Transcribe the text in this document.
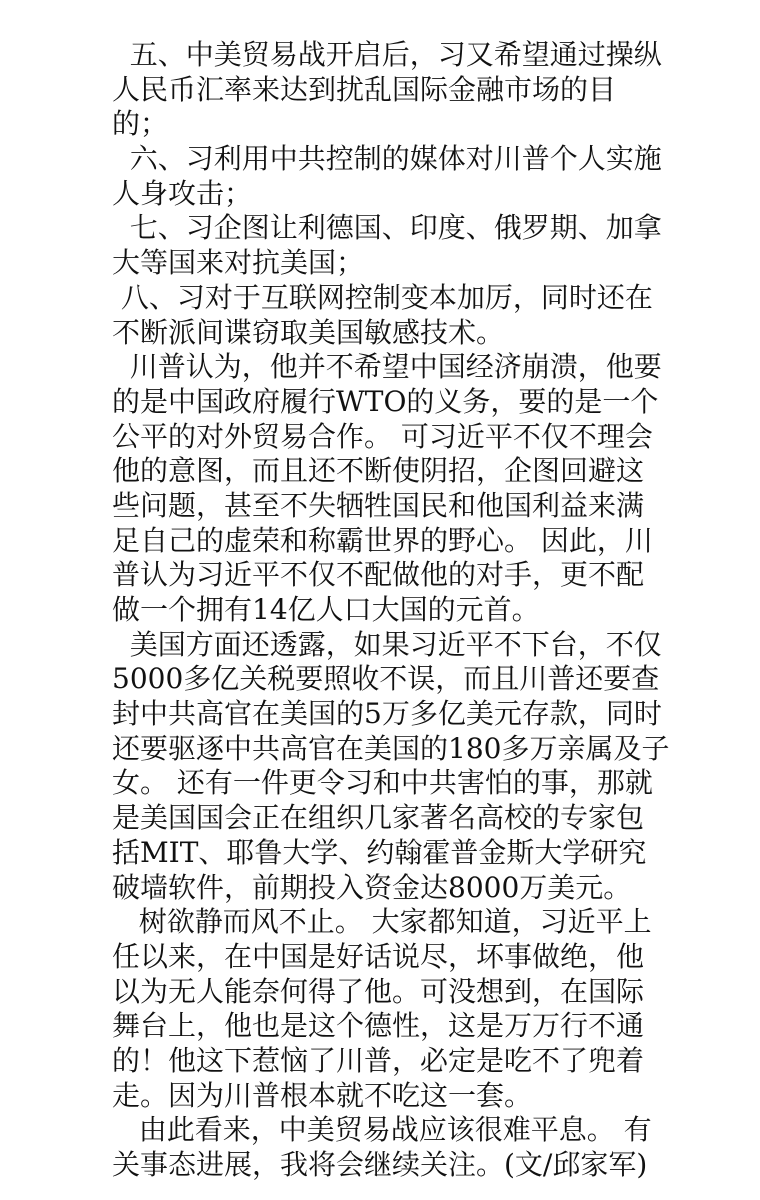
五、中美贸易战开启后，习又希望通过操纵
人民币汇率来达到扰乱国际金融市场的目
的；
六、习利用中共控制的媒体对川普个人实施
人身攻击；
七、习企图让利德国、印度、俄罗期、加拿
大等国来对抗美国；
八、习对于互联网控制变本加厉，同时还在
不断派间谍窃取美国敏感技术。
川普认为，他并不希望中国经济崩溃，他要
的是中国政府履行WTO的义务，要的是一个
公平的对外贸易合作。 可习近平不仅不理会
他的意图，而且还不断使阴招，企图回避这
些问题，甚至不失牺牲国民和他国利益来满
足自己的虚荣和称霸世界的野心。 因此，川
普认为习近平不仅不配做他的对手，更不配
做一个拥有14亿人口大国的元首。
美国方面还透露，如果习近平不下台，不仅
5000多亿关税要照收不误，而且川普还要查
封中共高官在美国的5万多亿美元存款，同时
还要驱逐中共高官在美国的180多万亲属及子
女。 还有一件更令习和中共害怕的事，那就
是美国国会正在组织几家著名高校的专家包
括MIT、耶鲁大学、约翰霍普金斯大学研究
破墙软件，前期投入资金达8000万美元。
树欲静而风不止。 大家都知道，习近平上
任以来，在中国是好话说尽，坏事做绝，他
以为无人能奈何得了他。可没想到，在国际
舞台上，他也是这个德性，这是万万行不通
的！他这下惹恼了川普，必定是吃不了兜着
走。因为川普根本就不吃这一套。
由此看来，中美贸易战应该很难平息。 有
关事态进展，我将会继续关注。(文/邱家军)
